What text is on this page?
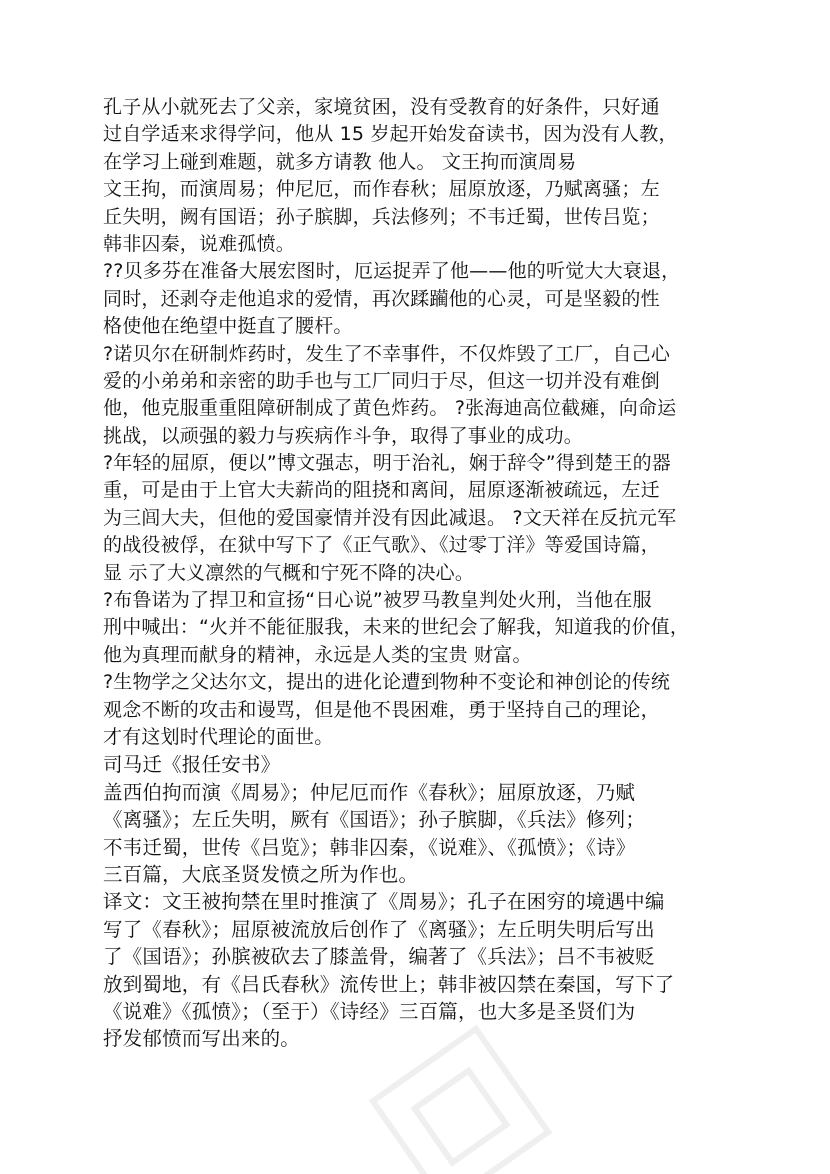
孔子从小就死去了父亲，家境贫困，没有受教育的好条件，只好通
过自学适来求得学问，他从 15 岁起开始发奋读书，因为没有人教，
在学习上碰到难题，就多方请教 他人。 文王拘而演周易
文王拘，而演周易；仲尼厄，而作春秋；屈原放逐，乃赋离骚；左
丘失明，阙有国语；孙子膑脚，兵法修列；不韦迁蜀，世传吕览；
韩非囚秦，说难孤愤。
??贝多芬在准备大展宏图时，厄运捉弄了他——他的听觉大大衰退，
同时，还剥夺走他追求的爱情，再次蹂躏他的心灵，可是坚毅的性
格使他在绝望中挺直了腰杆。
?诺贝尔在研制炸药时，发生了不幸事件，不仅炸毁了工厂，自己心
爱的小弟弟和亲密的助手也与工厂同归于尽，但这一切并没有难倒
他，他克服重重阻障研制成了黄色炸药。 ?张海迪高位截瘫，向命运
挑战，以顽强的毅力与疾病作斗争，取得了事业的成功。
?年轻的屈原，便以”博文强志，明于治礼，娴于辞令”得到楚王的器
重，可是由于上官大夫薪尚的阻挠和离间，屈原逐渐被疏远，左迁
为三闾大夫，但他的爱国豪情并没有因此减退。 ?文天祥在反抗元军
的战役被俘，在狱中写下了《正气歌》、《过零丁洋》等爱国诗篇，
显 示了大义凛然的气概和宁死不降的决心。
?布鲁诺为了捍卫和宣扬“日心说”被罗马教皇判处火刑，当他在服
刑中喊出：“火并不能征服我，未来的世纪会了解我，知道我的价值，
他为真理而献身的精神，永远是人类的宝贵 财富。
?生物学之父达尔文，提出的进化论遭到物种不变论和神创论的传统
观念不断的攻击和谩骂，但是他不畏困难，勇于坚持自己的理论，
才有这划时代理论的面世。
司马迁《报任安书》
盖西伯拘而演《周易》；仲尼厄而作《春秋》；屈原放逐，乃赋
《离骚》；左丘失明，厥有《国语》；孙子膑脚，《兵法》修列；
不韦迁蜀，世传《吕览》；韩非囚秦，《说难》、《孤愤》；《诗》
三百篇，大底圣贤发愤之所为作也。
译文：文王被拘禁在里时推演了《周易》；孔子在困穷的境遇中编
写了《春秋》；屈原被流放后创作了《离骚》；左丘明失明后写出
了《国语》；孙膑被砍去了膝盖骨，编著了《兵法》；吕不韦被贬
放到蜀地，有《吕氏春秋》流传世上；韩非被囚禁在秦国，写下了
《说难》《孤愤》；（至于）《诗经》三百篇，也大多是圣贤们为
抒发郁愤而写出来的。
